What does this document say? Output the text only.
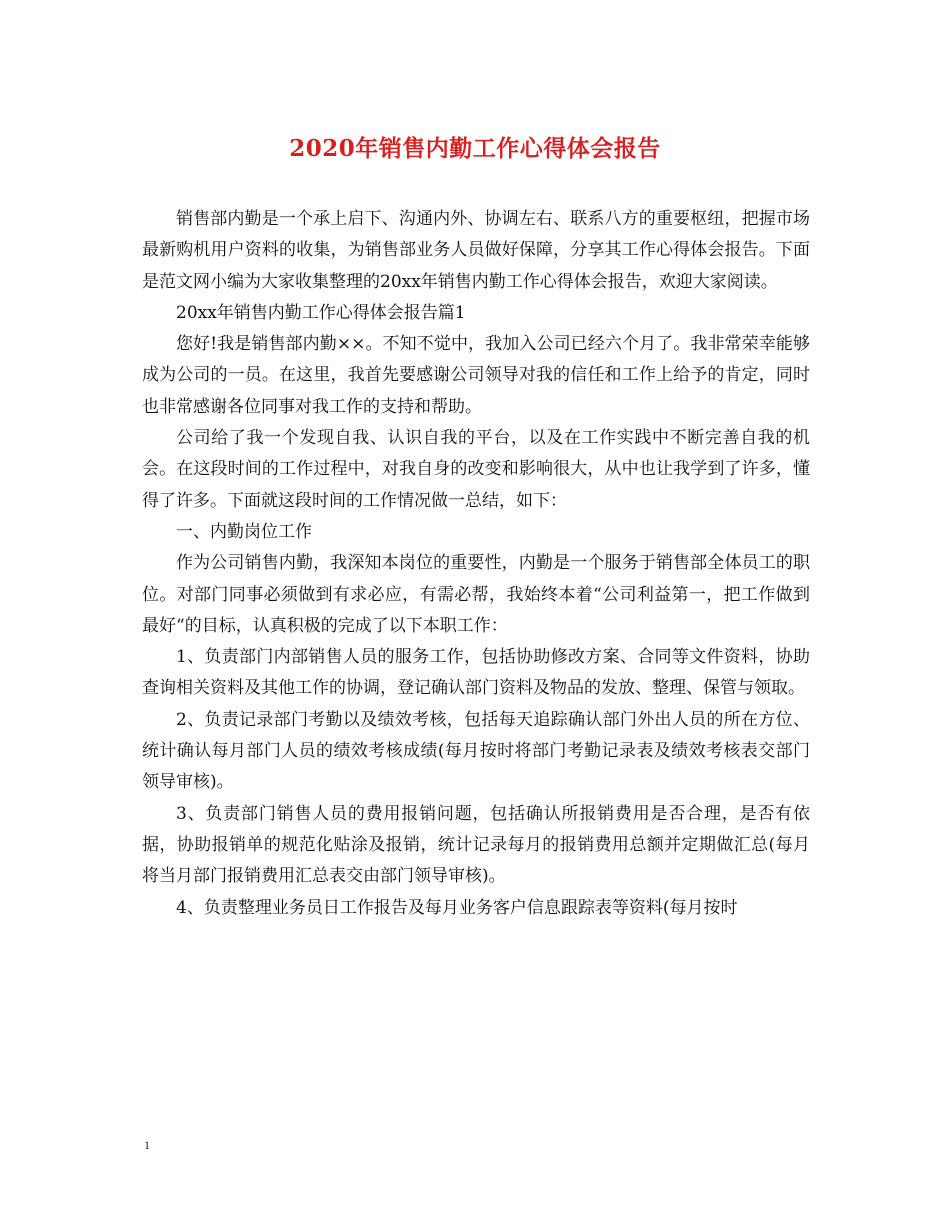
2020年销售内勤工作心得体会报告

销售部内勤是一个承上启下、沟通内外、协调左右、联系八方的重要枢纽，把握市场最新购机用户资料的收集，为销售部业务人员做好保障，分享其工作心得体会报告。下面是范文网小编为大家收集整理的20xx年销售内勤工作心得体会报告，欢迎大家阅读。

20xx年销售内勤工作心得体会报告篇1

您好!我是销售部内勤××。不知不觉中，我加入公司已经六个月了。我非常荣幸能够成为公司的一员。在这里，我首先要感谢公司领导对我的信任和工作上给予的肯定，同时也非常感谢各位同事对我工作的支持和帮助。

公司给了我一个发现自我、认识自我的平台，以及在工作实践中不断完善自我的机会。在这段时间的工作过程中，对我自身的改变和影响很大，从中也让我学到了许多，懂得了许多。下面就这段时间的工作情况做一总结，如下：

一、内勤岗位工作

作为公司销售内勤，我深知本岗位的重要性，内勤是一个服务于销售部全体员工的职位。对部门同事必须做到有求必应，有需必帮，我始终本着“公司利益第一，把工作做到最好“的目标，认真积极的完成了以下本职工作：

1、负责部门内部销售人员的服务工作，包括协助修改方案、合同等文件资料，协助查询相关资料及其他工作的协调，登记确认部门资料及物品的发放、整理、保管与领取。

2、负责记录部门考勤以及绩效考核，包括每天追踪确认部门外出人员的所在方位、统计确认每月部门人员的绩效考核成绩(每月按时将部门考勤记录表及绩效考核表交部门领导审核)。

3、负责部门销售人员的费用报销问题，包括确认所报销费用是否合理，是否有依据，协助报销单的规范化贴涂及报销，统计记录每月的报销费用总额并定期做汇总(每月将当月部门报销费用汇总表交由部门领导审核)。

4、负责整理业务员日工作报告及每月业务客户信息跟踪表等资料(每月按时

1
